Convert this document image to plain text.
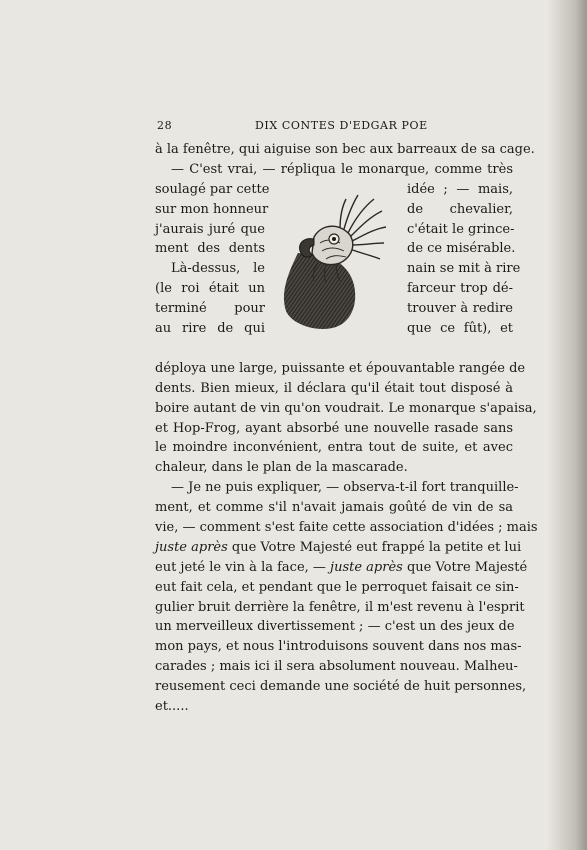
28	DIX CONTES D'EDGAR POE
à la fenêtre, qui aiguise son bec aux barreaux de sa cage.
— C'est vrai, — répliqua le monarque, comme très
soulagé par cette
sur mon honneur
j'aurais juré que
ment des dents
Là-dessus, le
(le roi était un
terminé pour
au rire de qui
idée ; — mais,
de chevalier,
c'était le grince-
de ce misérable.
nain se mit à rire
farceur trop dé-
trouver à redire
que ce fût), et
déploya une large, puissante et épouvantable rangée de
dents. Bien mieux, il déclara qu'il était tout disposé à
boire autant de vin qu'on voudrait. Le monarque s'apaisa,
et Hop-Frog, ayant absorbé une nouvelle rasade sans
le moindre inconvénient, entra tout de suite, et avec
chaleur, dans le plan de la mascarade.
— Je ne puis expliquer, — observa-t-il fort tranquille-
ment, et comme s'il n'avait jamais goûté de vin de sa
vie, — comment s'est faite cette association d'idées ; mais
juste après que Votre Majesté eut frappé la petite et lui
eut jeté le vin à la face, — juste après que Votre Majesté
eut fait cela, et pendant que le perroquet faisait ce sin-
gulier bruit derrière la fenêtre, il m'est revenu à l'esprit
un merveilleux divertissement ; — c'est un des jeux de
mon pays, et nous l'introduisons souvent dans nos mas-
carades ; mais ici il sera absolument nouveau. Malheu-
reusement ceci demande une société de huit personnes,
et.....
